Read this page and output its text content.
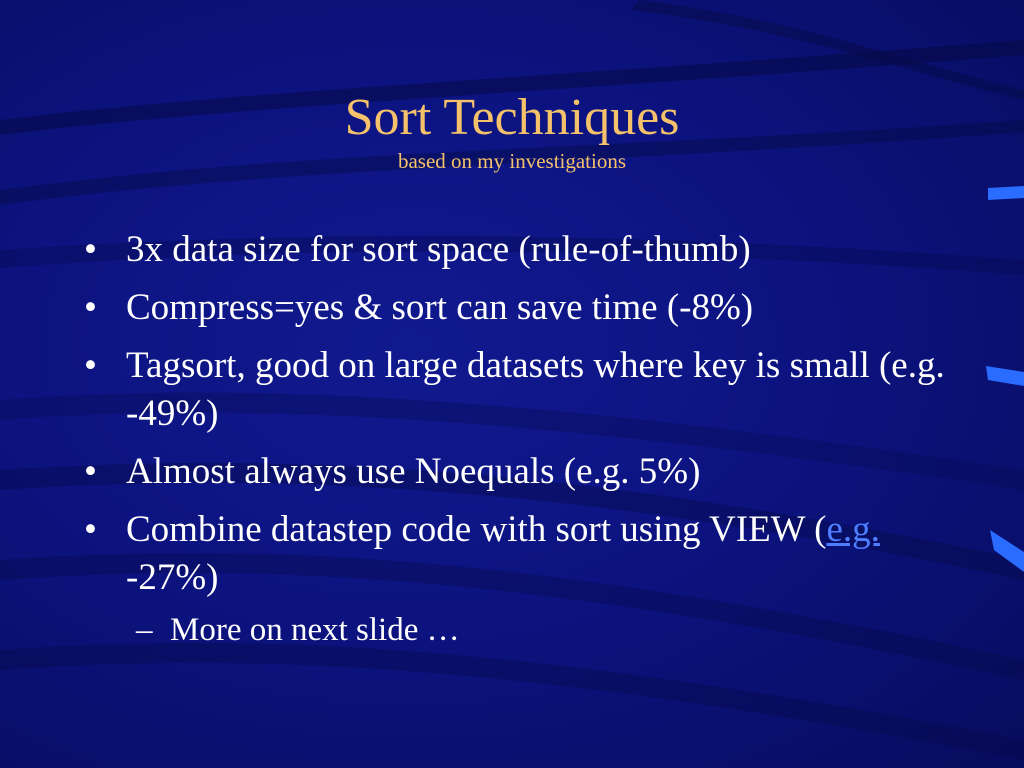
Sort Techniques
based on my investigations
• 3x data size for sort space (rule-of-thumb)
• Compress=yes & sort can save time (-8%)
• Tagsort, good on large datasets where key is small (e.g. -49%)
• Almost always use Noequals (e.g. 5%)
• Combine datastep code with sort using VIEW (e.g. -27%)
– More on next slide …
